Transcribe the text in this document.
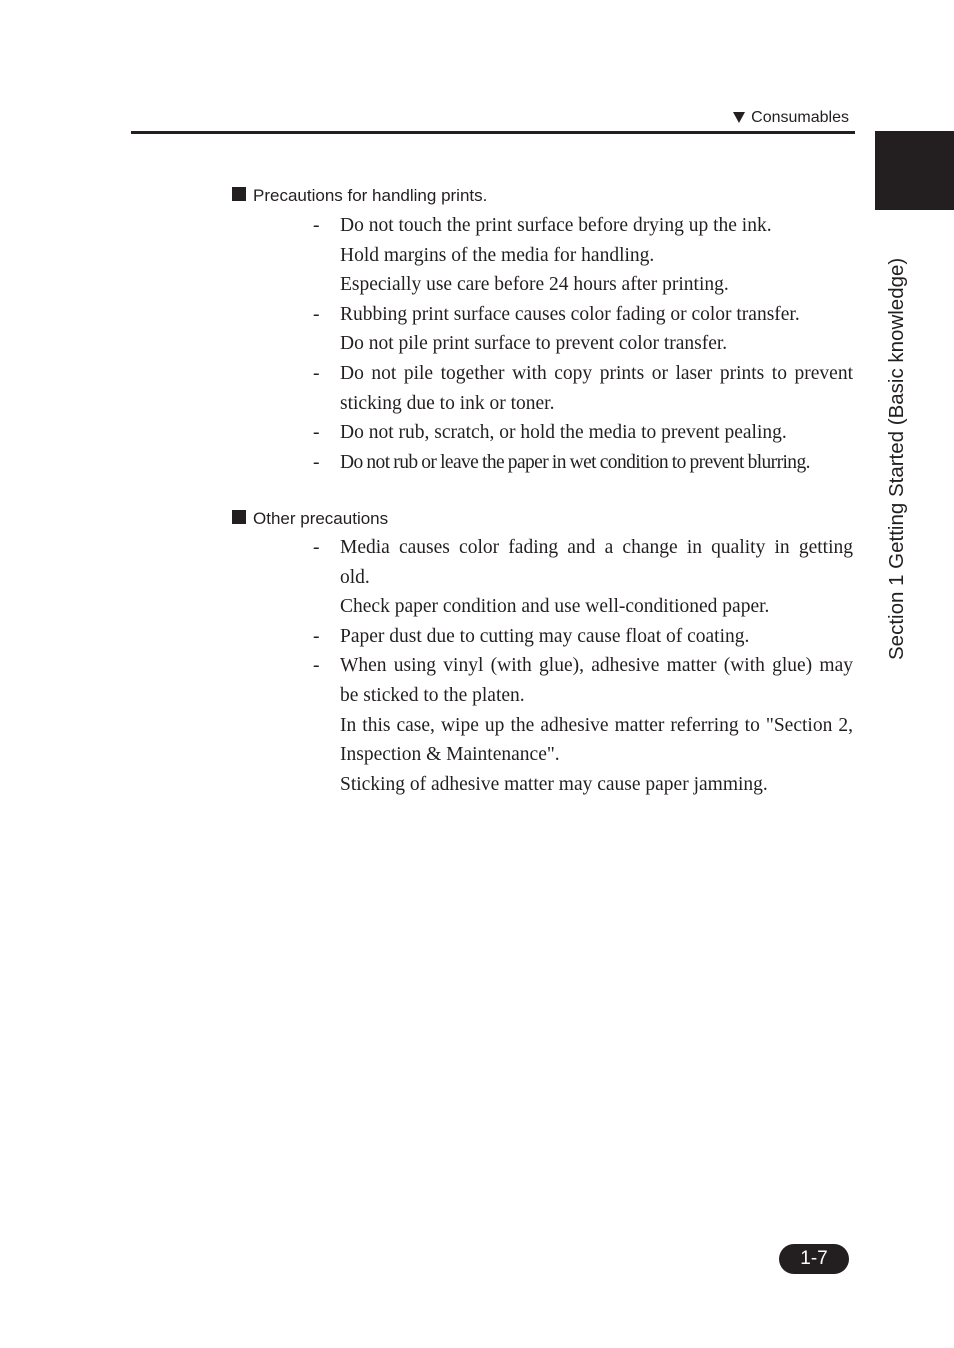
Consumables
Section 1 Getting Started (Basic knowledge)
Precautions for handling prints.
- Do not touch the print surface before drying up the ink.
Hold margins of the media for handling.
Especially use care before 24 hours after printing.
- Rubbing print surface causes color fading or color transfer.
Do not pile print surface to prevent color transfer.
- Do not pile together with copy prints or laser prints to prevent
sticking due to ink or toner.
- Do not rub, scratch, or hold the media to prevent pealing.
- Do not rub or leave the paper in wet condition to prevent blurring.
Other precautions
- Media causes color fading and a change in quality in getting
old.
Check paper condition and use well-conditioned paper.
- Paper dust due to cutting may cause float of coating.
- When using vinyl (with glue), adhesive matter (with glue) may
be sticked to the platen.
In this case, wipe up the adhesive matter referring to "Section 2,
Inspection & Maintenance".
Sticking of adhesive matter may cause paper jamming.
1-7
